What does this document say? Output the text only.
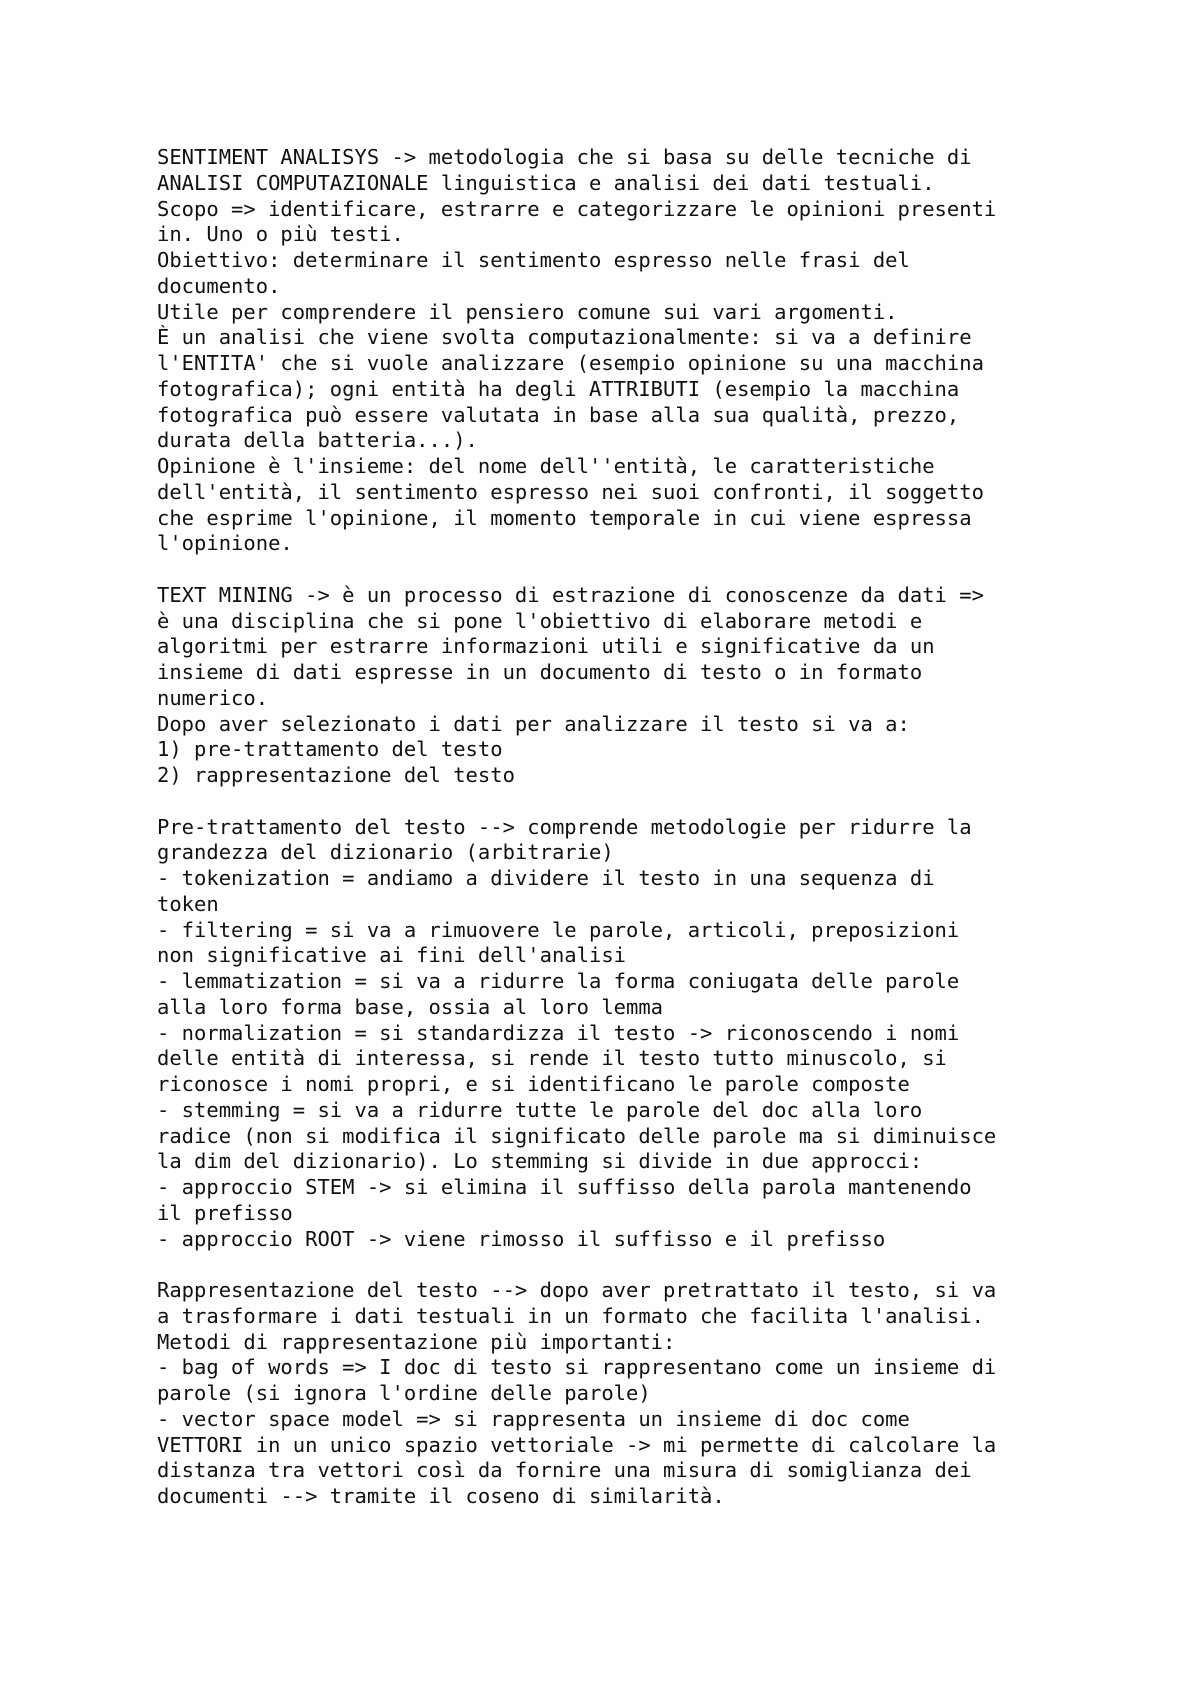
SENTIMENT ANALISYS -> metodologia che si basa su delle tecniche di
ANALISI COMPUTAZIONALE linguistica e analisi dei dati testuali.
Scopo => identificare, estrarre e categorizzare le opinioni presenti
in. Uno o più testi.
Obiettivo: determinare il sentimento espresso nelle frasi del
documento.
Utile per comprendere il pensiero comune sui vari argomenti.
È un analisi che viene svolta computazionalmente: si va a definire
l'ENTITA' che si vuole analizzare (esempio opinione su una macchina
fotografica); ogni entità ha degli ATTRIBUTI (esempio la macchina
fotografica può essere valutata in base alla sua qualità, prezzo,
durata della batteria...).
Opinione è l'insieme: del nome dell''entità, le caratteristiche
dell'entità, il sentimento espresso nei suoi confronti, il soggetto
che esprime l'opinione, il momento temporale in cui viene espressa
l'opinione.
TEXT MINING -> è un processo di estrazione di conoscenze da dati =>
è una disciplina che si pone l'obiettivo di elaborare metodi e
algoritmi per estrarre informazioni utili e significative da un
insieme di dati espresse in un documento di testo o in formato
numerico.
Dopo aver selezionato i dati per analizzare il testo si va a:
1) pre-trattamento del testo
2) rappresentazione del testo
Pre-trattamento del testo --> comprende metodologie per ridurre la
grandezza del dizionario (arbitrarie)
- tokenization = andiamo a dividere il testo in una sequenza di
token
- filtering = si va a rimuovere le parole, articoli, preposizioni
non significative ai fini dell'analisi
- lemmatization = si va a ridurre la forma coniugata delle parole
alla loro forma base, ossia al loro lemma
- normalization = si standardizza il testo -> riconoscendo i nomi
delle entità di interessa, si rende il testo tutto minuscolo, si
riconosce i nomi propri, e si identificano le parole composte
- stemming = si va a ridurre tutte le parole del doc alla loro
radice (non si modifica il significato delle parole ma si diminuisce
la dim del dizionario). Lo stemming si divide in due approcci:
- approccio STEM -> si elimina il suffisso della parola mantenendo
il prefisso
- approccio ROOT -> viene rimosso il suffisso e il prefisso
Rappresentazione del testo --> dopo aver pretrattato il testo, si va
a trasformare i dati testuali in un formato che facilita l'analisi.
Metodi di rappresentazione più importanti:
- bag of words => I doc di testo si rappresentano come un insieme di
parole (si ignora l'ordine delle parole)
- vector space model => si rappresenta un insieme di doc come
VETTORI in un unico spazio vettoriale -> mi permette di calcolare la
distanza tra vettori così da fornire una misura di somiglianza dei
documenti --> tramite il coseno di similarità.
